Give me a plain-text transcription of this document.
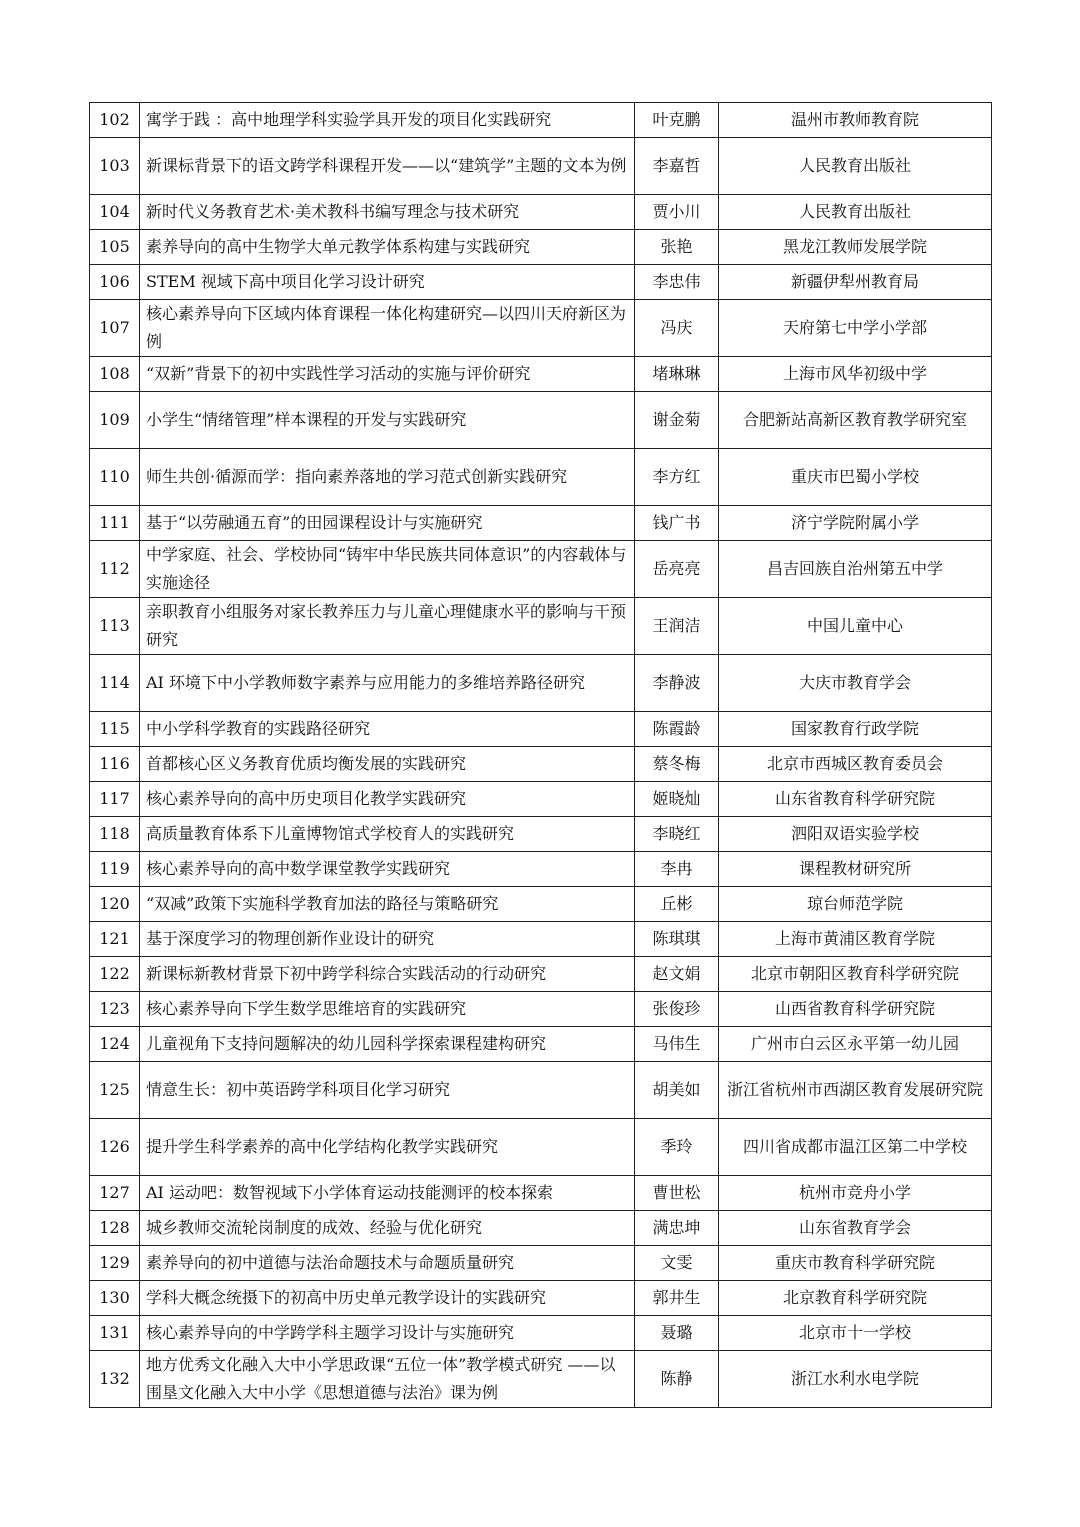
102	寓学于践 ：高中地理学科实验学具开发的项目化实践研究	叶克鹏	温州市教师教育院
103	新课标背景下的语文跨学科课程开发——以“建筑学”主题的文本为例	李嘉哲	人民教育出版社
104	新时代义务教育艺术·美术教科书编写理念与技术研究	贾小川	人民教育出版社
105	素养导向的高中生物学大单元教学体系构建与实践研究	张艳	黑龙江教师发展学院
106	STEM 视域下高中项目化学习设计研究	李忠伟	新疆伊犁州教育局
107	核心素养导向下区域内体育课程一体化构建研究—以四川天府新区为例	冯庆	天府第七中学小学部
108	“双新”背景下的初中实践性学习活动的实施与评价研究	堵琳琳	上海市风华初级中学
109	小学生“情绪管理”样本课程的开发与实践研究	谢金菊	合肥新站高新区教育教学研究室
110	师生共创·循源而学：指向素养落地的学习范式创新实践研究	李方红	重庆市巴蜀小学校
111	基于“以劳融通五育”的田园课程设计与实施研究	钱广书	济宁学院附属小学
112	中学家庭、社会、学校协同“铸牢中华民族共同体意识”的内容载体与实施途径	岳亮亮	昌吉回族自治州第五中学
113	亲职教育小组服务对家长教养压力与儿童心理健康水平的影响与干预研究	王润洁	中国儿童中心
114	AI 环境下中小学教师数字素养与应用能力的多维培养路径研究	李静波	大庆市教育学会
115	中小学科学教育的实践路径研究	陈霞龄	国家教育行政学院
116	首都核心区义务教育优质均衡发展的实践研究	蔡冬梅	北京市西城区教育委员会
117	核心素养导向的高中历史项目化教学实践研究	姬晓灿	山东省教育科学研究院
118	高质量教育体系下儿童博物馆式学校育人的实践研究	李晓红	泗阳双语实验学校
119	核心素养导向的高中数学课堂教学实践研究	李冉	课程教材研究所
120	“双减”政策下实施科学教育加法的路径与策略研究	丘彬	琼台师范学院
121	基于深度学习的物理创新作业设计的研究	陈琪琪	上海市黄浦区教育学院
122	新课标新教材背景下初中跨学科综合实践活动的行动研究	赵文娟	北京市朝阳区教育科学研究院
123	核心素养导向下学生数学思维培育的实践研究	张俊珍	山西省教育科学研究院
124	儿童视角下支持问题解决的幼儿园科学探索课程建构研究	马伟生	广州市白云区永平第一幼儿园
125	情意生长：初中英语跨学科项目化学习研究	胡美如	浙江省杭州市西湖区教育发展研究院
126	提升学生科学素养的高中化学结构化教学实践研究	季玲	四川省成都市温江区第二中学校
127	AI 运动吧：数智视域下小学体育运动技能测评的校本探索	曹世松	杭州市竞舟小学
128	城乡教师交流轮岗制度的成效、经验与优化研究	满忠坤	山东省教育学会
129	素养导向的初中道德与法治命题技术与命题质量研究	文雯	重庆市教育科学研究院
130	学科大概念统摄下的初高中历史单元教学设计的实践研究	郭井生	北京教育科学研究院
131	核心素养导向的中学跨学科主题学习设计与实施研究	聂璐	北京市十一学校
132	地方优秀文化融入大中小学思政课“五位一体”教学模式研究 ——以围垦文化融入大中小学《思想道德与法治》课为例	陈静	浙江水利水电学院
